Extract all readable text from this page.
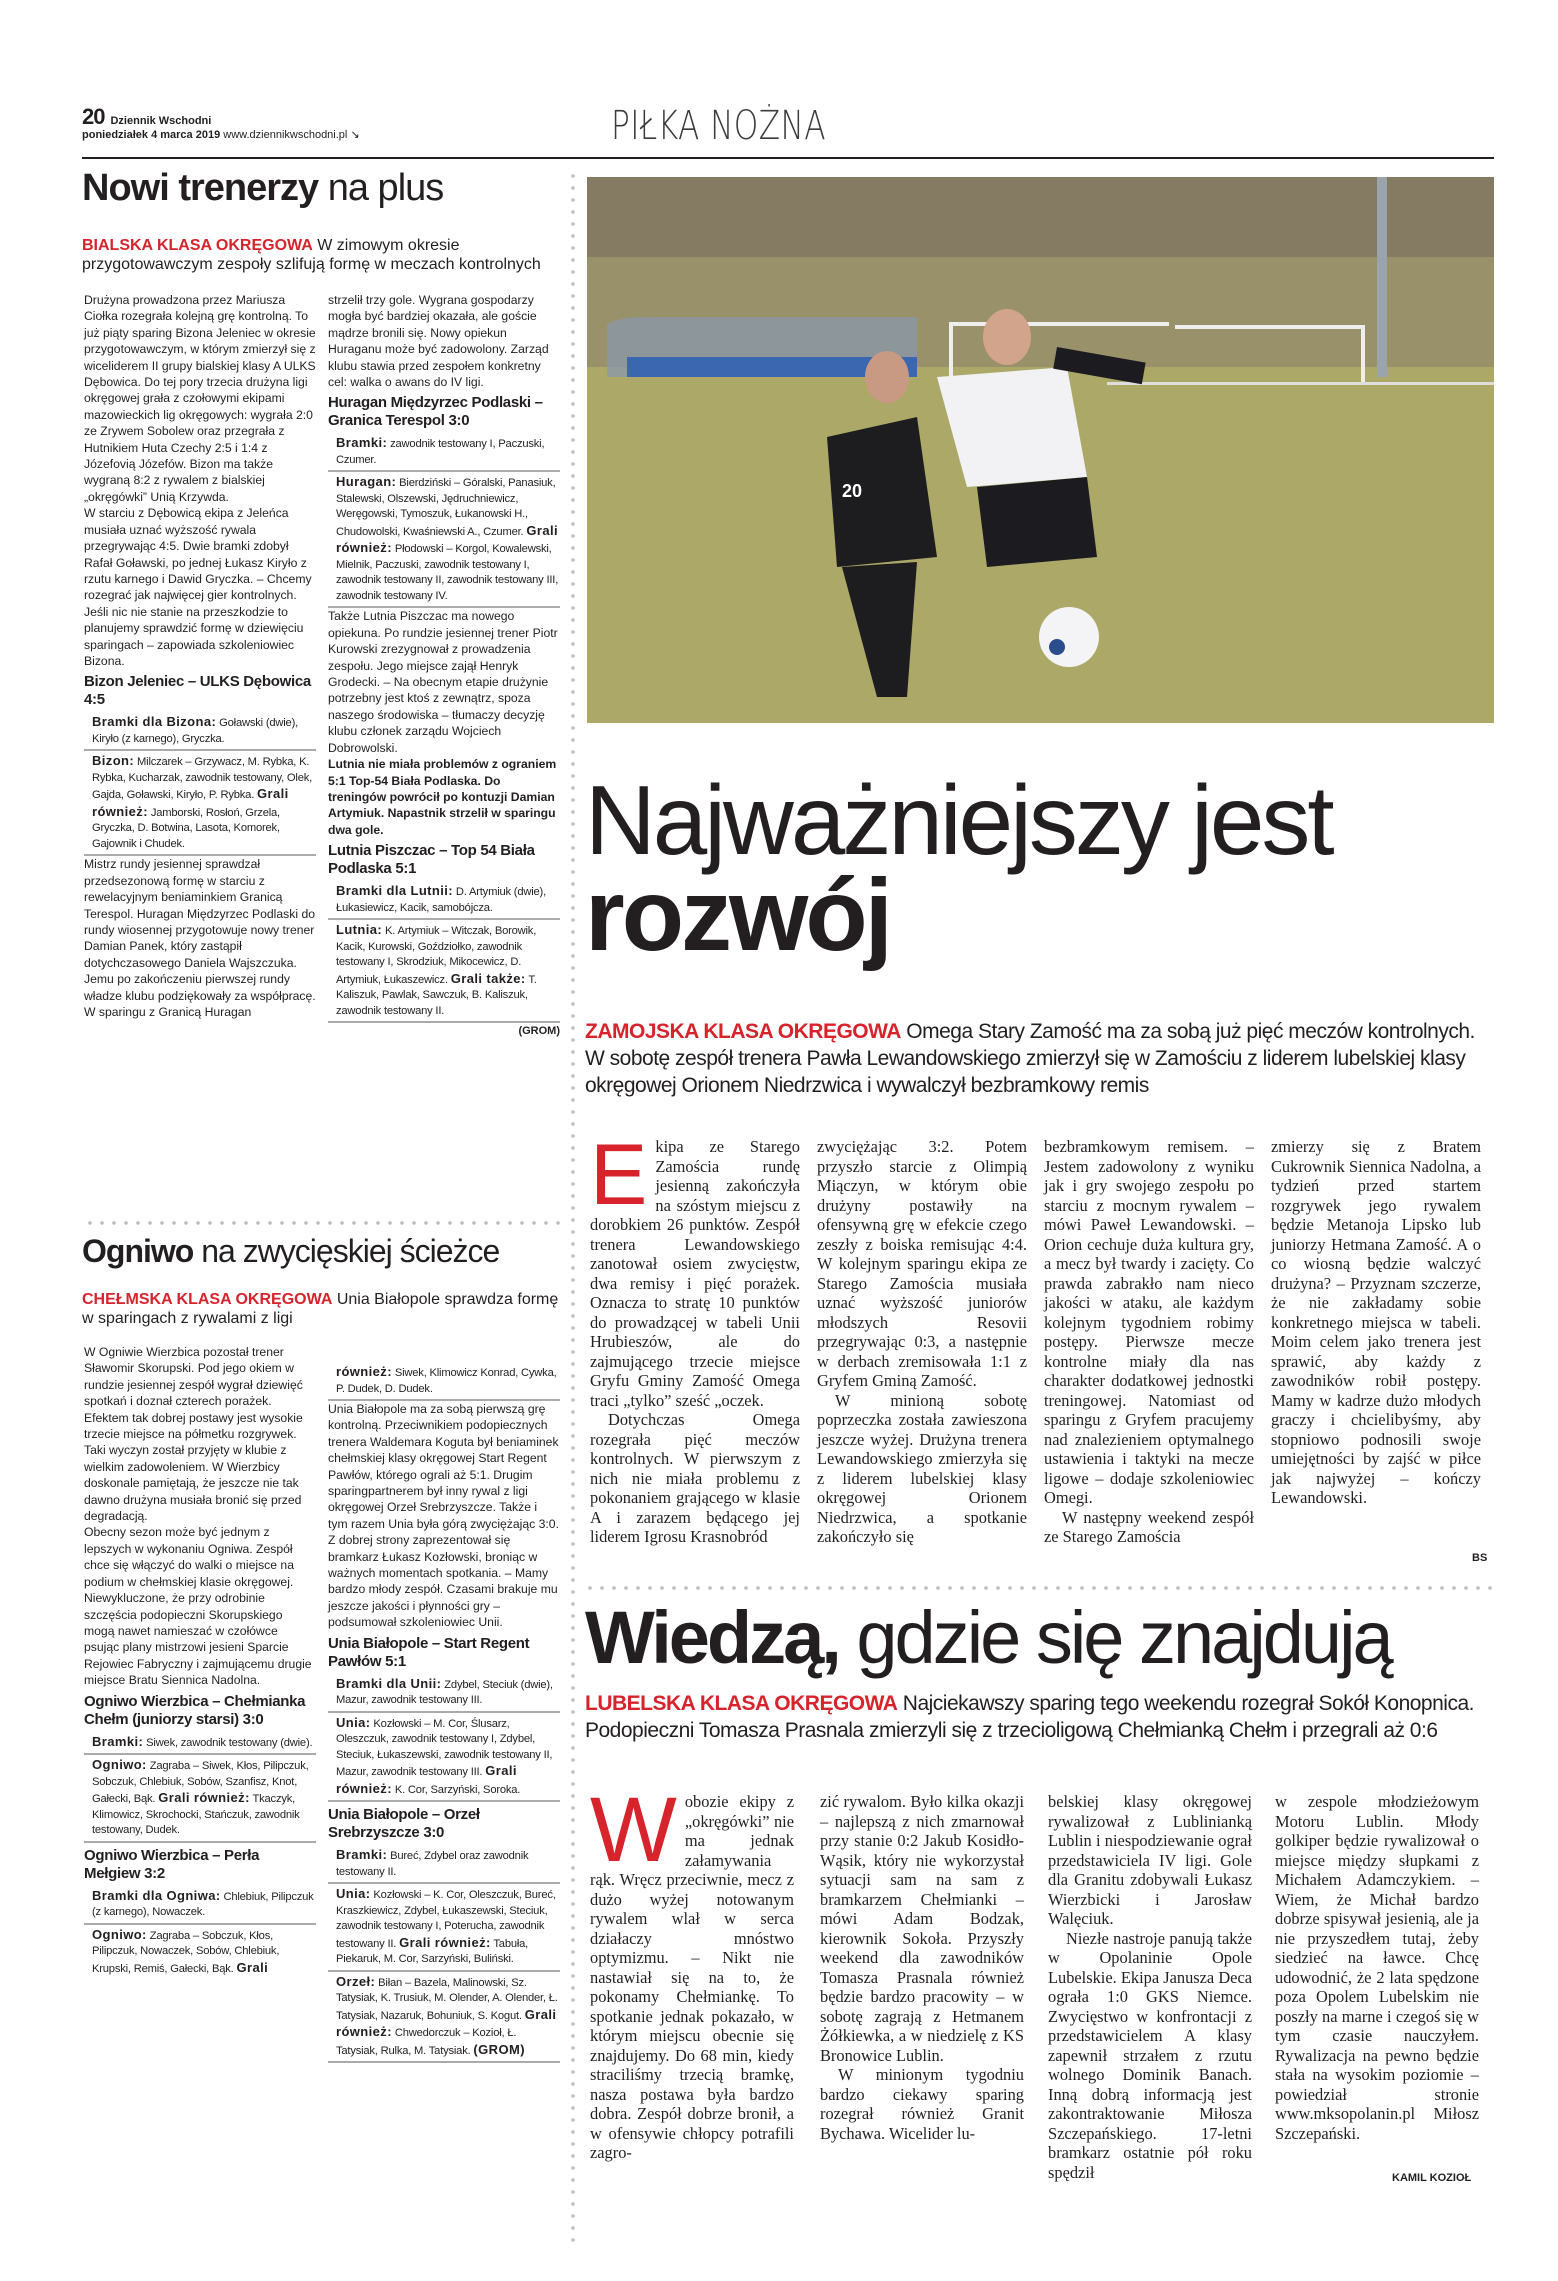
20 Dziennik Wschodni
poniedziałek 4 marca 2019 www.dziennikwschodni.pl ↘	PIŁKA NOŻNA
Nowi trenerzy na plus
BIALSKA KLASA OKRĘGOWA W zimowym okresie przygotowawczym zespoły szlifują formę w meczach kontrolnych

Drużyna prowadzona przez Mariusza Ciołka rozegrała kolejną grę kontrolną. To już piąty sparing Bizona Jeleniec w okresie przygotowawczym, w którym zmierzył się z wiceliderem II grupy bialskiej klasy A ULKS Dębowica. Do tej pory trzecia drużyna ligi okręgowej grała z czołowymi ekipami mazowieckich lig okręgowych: wygrała 2:0 ze Zrywem Sobolew oraz przegrała z Hutnikiem Huta Czechy 2:5 i 1:4 z Józefovią Józefów. Bizon ma także wygraną 8:2 z rywalem z bialskiej „okręgówki” Unią Krzywda.

W starciu z Dębowicą ekipa z Jeleńca musiała uznać wyższość rywala przegrywając 4:5. Dwie bramki zdobył Rafał Goławski, po jednej Łukasz Kiryło z rzutu karnego i Dawid Gryczka. – Chcemy rozegrać jak najwięcej gier kontrolnych. Jeśli nic nie stanie na przeszkodzie to planujemy sprawdzić formę w dziewięciu sparingach – zapowiada szkoleniowiec Bizona.

Bizon Jeleniec – ULKS Dębowica 4:5
Bramki dla Bizona: Goławski (dwie), Kiryło (z karnego), Gryczka.
Bizon: Milczarek – Grzywacz, M. Rybka, K. Rybka, Kucharzak, zawodnik testowany, Olek, Gajda, Goławski, Kiryło, P. Rybka. Grali również: Jamborski, Rosłoń, Grzela, Gryczka, D. Botwina, Lasota, Komorek, Gajownik i Chudek.

Mistrz rundy jesiennej sprawdzał przedsezonową formę w starciu z rewelacyjnym beniaminkiem Granicą Terespol. Huragan Międzyrzec Podlaski do rundy wiosennej przygotowuje nowy trener Damian Panek, który zastąpił dotychczasowego Daniela Wajszczuka. Jemu po zakończeniu pierwszej rundy władze klubu podziękowały za współpracę. W sparingu z Granicą Huragan

strzelił trzy gole. Wygrana gospodarzy mogła być bardziej okazała, ale goście mądrze bronili się. Nowy opiekun Huraganu może być zadowolony. Zarząd klubu stawia przed zespołem konkretny cel: walka o awans do IV ligi.

Huragan Międzyrzec Podlaski – Granica Terespol 3:0
Bramki: zawodnik testowany I, Paczuski, Czumer.
Huragan: Bierdziński – Góralski, Panasiuk, Stalewski, Olszewski, Jędruchniewicz, Weręgowski, Tymoszuk, Łukanowski H., Chudowolski, Kwaśniewski A., Czumer. Grali również: Płodowski – Korgol, Kowalewski, Mielnik, Paczuski, zawodnik testowany I, zawodnik testowany II, zawodnik testowany III, zawodnik testowany IV.

Także Lutnia Piszczac ma nowego opiekuna. Po rundzie jesiennej trener Piotr Kurowski zrezygnował z prowadzenia zespołu. Jego miejsce zajął Henryk Grodecki. – Na obecnym etapie drużynie potrzebny jest ktoś z zewnątrz, spoza naszego środowiska – tłumaczy decyzję klubu członek zarządu Wojciech Dobrowolski.

Lutnia nie miała problemów z ograniem 5:1 Top-54 Biała Podlaska. Do treningów powrócił po kontuzji Damian Artymiuk. Napastnik strzelił w sparingu dwa gole.

Lutnia Piszczac – Top 54 Biała Podlaska 5:1
Bramki dla Lutnii: D. Artymiuk (dwie), Łukasiewicz, Kacik, samobójcza.
Lutnia: K. Artymiuk – Witczak, Borowik, Kacik, Kurowski, Goździołko, zawodnik testowany I, Skrodziuk, Mikocewicz, D. Artymiuk, Łukaszewicz. Grali także: T. Kaliszuk, Pawlak, Sawczuk, B. Kaliszuk, zawodnik testowany II.
(GROM)
Ogniwo na zwycięskiej ścieżce
CHEŁMSKA KLASA OKRĘGOWA Unia Białopole sprawdza formę w sparingach z rywalami z ligi

W Ogniwie Wierzbica pozostał trener Sławomir Skorupski. Pod jego okiem w rundzie jesiennej zespół wygrał dziewięć spotkań i doznał czterech porażek. Efektem tak dobrej postawy jest wysokie trzecie miejsce na półmetku rozgrywek. Taki wyczyn został przyjęty w klubie z wielkim zadowoleniem. W Wierzbicy doskonale pamiętają, że jeszcze nie tak dawno drużyna musiała bronić się przed degradacją.

Obecny sezon może być jednym z lepszych w wykonaniu Ogniwa. Zespół chce się włączyć do walki o miejsce na podium w chełmskiej klasie okręgowej. Niewykluczone, że przy odrobinie szczęścia podopieczni Skorupskiego mogą nawet namieszać w czołówce psując plany mistrzowi jesieni Sparcie Rejowiec Fabryczny i zajmującemu drugie miejsce Bratu Siennica Nadolna.

Ogniwo Wierzbica – Chełmianka Chełm (juniorzy starsi) 3:0
Bramki: Siwek, zawodnik testowany (dwie).
Ogniwo: Zagraba – Siwek, Kłos, Pilipczuk, Sobczuk, Chlebiuk, Sobów, Szanfisz, Knot, Gałecki, Bąk. Grali również: Tkaczyk, Klimowicz, Skrochocki, Stańczuk, zawodnik testowany, Dudek.
Ogniwo Wierzbica – Perła Mełgiew 3:2
Bramki dla Ogniwa: Chlebiuk, Pilipczuk (z karnego), Nowaczek.
Ogniwo: Zagraba – Sobczuk, Kłos, Pilipczuk, Nowaczek, Sobów, Chlebiuk, Krupski, Remiś, Gałecki, Bąk. Grali
również: Siwek, Klimowicz Konrad, Cywka, P. Dudek, D. Dudek.

Unia Białopole ma za sobą pierwszą grę kontrolną. Przeciwnikiem podopiecznych trenera Waldemara Koguta był beniaminek chełmskiej klasy okręgowej Start Regent Pawłów, którego ograli aż 5:1. Drugim sparingpartnerem był inny rywal z ligi okręgowej Orzeł Srebrzyszcze. Także i tym razem Unia była górą zwyciężając 3:0. Z dobrej strony zaprezentował się bramkarz Łukasz Kozłowski, broniąc w ważnych momentach spotkania. – Mamy bardzo młody zespół. Czasami brakuje mu jeszcze jakości i płynności gry – podsumował szkoleniowiec Unii.

Unia Białopole – Start Regent Pawłów 5:1
Bramki dla Unii: Zdybel, Steciuk (dwie), Mazur, zawodnik testowany III.
Unia: Kozłowski – M. Cor, Ślusarz, Oleszczuk, zawodnik testowany I, Zdybel, Steciuk, Łukaszewski, zawodnik testowany II, Mazur, zawodnik testowany III. Grali również: K. Cor, Sarzyński, Soroka.
Unia Białopole – Orzeł Srebrzyszcze 3:0
Bramki: Bureć, Zdybel oraz zawodnik testowany II.
Unia: Kozłowski – K. Cor, Oleszczuk, Bureć, Kraszkiewicz, Zdybel, Łukaszewski, Steciuk, zawodnik testowany I, Poterucha, zawodnik testowany II. Grali również: Tabuła, Piekaruk, M. Cor, Sarzyński, Buliński.
Orzeł: Biłan – Bazela, Malinowski, Sz. Tatysiak, K. Trusiuk, M. Olender, A. Olender, Ł. Tatysiak, Nazaruk, Bohuniuk, S. Kogut. Grali również: Chwedorczuk – Kozioł, Ł. Tatysiak, Rulka, M. Tatysiak. (GROM)
20
Najważniejszy jest
rozwój
ZAMOJSKA KLASA OKRĘGOWA Omega Stary Zamość ma za sobą już pięć meczów kontrolnych. W sobotę zespół trenera Pawła Lewandowskiego zmierzył się w Zamościu z liderem lubelskiej klasy okręgowej Orionem Niedrzwica i wywalczył bezbramkowy remis

Ekipa ze Starego Zamościa rundę jesienną zakończyła na szóstym miejscu z dorobkiem 26 punktów. Zespół trenera Lewandowskiego zanotował osiem zwycięstw, dwa remisy i pięć porażek. Oznacza to stratę 10 punktów do prowadzącej w tabeli Unii Hrubieszów, ale do zajmującego trzecie miejsce Gryfu Gminy Zamość Omega traci „tylko” sześć „oczek.

Dotychczas Omega rozegrała pięć meczów kontrolnych. W pierwszym z nich nie miała problemu z pokonaniem grającego w klasie A i zarazem będącego jej liderem Igrosu Krasnobród

zwyciężając 3:2. Potem przyszło starcie z Olimpią Miączyn, w którym obie drużyny postawiły na ofensywną grę w efekcie czego zeszły z boiska remisując 4:4. W kolejnym sparingu ekipa ze Starego Zamościa musiała uznać wyższość juniorów młodszych Resovii przegrywając 0:3, a następnie w derbach zremisowała 1:1 z Gryfem Gminą Zamość.

W minioną sobotę poprzeczka została zawieszona jeszcze wyżej. Drużyna trenera Lewandowskiego zmierzyła się z liderem lubelskiej klasy okręgowej Orionem Niedrzwica, a spotkanie zakończyło się

bezbramkowym remisem. – Jestem zadowolony z wyniku jak i gry swojego zespołu po starciu z mocnym rywalem – mówi Paweł Lewandowski. – Orion cechuje duża kultura gry, a mecz był twardy i zacięty. Co prawda zabrakło nam nieco jakości w ataku, ale każdym kolejnym tygodniem robimy postępy. Pierwsze mecze kontrolne miały dla nas charakter dodatkowej jednostki treningowej. Natomiast od sparingu z Gryfem pracujemy nad znalezieniem optymalnego ustawienia i taktyki na mecze ligowe – dodaje szkoleniowiec Omegi.

W następny weekend zespół ze Starego Zamościa

zmierzy się z Bratem Cukrownik Siennica Nadolna, a tydzień przed startem rozgrywek jego rywalem będzie Metanoja Lipsko lub juniorzy Hetmana Zamość. A o co wiosną będzie walczyć drużyna? – Przyznam szczerze, że nie zakładamy sobie konkretnego miejsca w tabeli. Moim celem jako trenera jest sprawić, aby każdy z zawodników robił postępy. Mamy w kadrze dużo młodych graczy i chcielibyśmy, aby stopniowo podnosili swoje umiejętności by zajść w piłce jak najwyżej – kończy Lewandowski.

BS
Wiedzą, gdzie się znajdują
LUBELSKA KLASA OKRĘGOWA Najciekawszy sparing tego weekendu rozegrał Sokół Konopnica. Podopieczni Tomasza Prasnala zmierzyli się z trzecioligową Chełmianką Chełm i przegrali aż 0:6

Wobozie ekipy z „okręgówki” nie ma jednak załamywania rąk. Wręcz przeciwnie, mecz z dużo wyżej notowanym rywalem wlał w serca działaczy mnóstwo optymizmu. – Nikt nie nastawiał się na to, że pokonamy Chełmiankę. To spotkanie jednak pokazało, w którym miejscu obecnie się znajdujemy. Do 68 min, kiedy straciliśmy trzecią bramkę, nasza postawa była bardzo dobra. Zespół dobrze bronił, a w ofensywie chłopcy potrafili zagro-

zić rywalom. Było kilka okazji – najlepszą z nich zmarnował przy stanie 0:2 Jakub Kosidło-Wąsik, który nie wykorzystał sytuacji sam na sam z bramkarzem Chełmianki – mówi Adam Bodzak, kierownik Sokoła. Przyszły weekend dla zawodników Tomasza Prasnala również będzie bardzo pracowity – w sobotę zagrają z Hetmanem Żółkiewka, a w niedzielę z KS Bronowice Lublin.

W minionym tygodniu bardzo ciekawy sparing rozegrał również Granit Bychawa. Wicelider lu-

belskiej klasy okręgowej rywalizował z Lublinianką Lublin i niespodziewanie ograł przedstawiciela IV ligi. Gole dla Granitu zdobywali Łukasz Wierzbicki i Jarosław Walęciuk.

Niezłe nastroje panują także w Opolaninie Opole Lubelskie. Ekipa Janusza Deca ograła 1:0 GKS Niemce. Zwycięstwo w konfrontacji z przedstawicielem A klasy zapewnił strzałem z rzutu wolnego Dominik Banach. Inną dobrą informacją jest zakontraktowanie Miłosza Szczepańskiego. 17-letni bramkarz ostatnie pół roku spędził

w zespole młodzieżowym Motoru Lublin. Młody golkiper będzie rywalizował o miejsce między słupkami z Michałem Adamczykiem. – Wiem, że Michał bardzo dobrze spisywał jesienią, ale ja nie przyszedłem tutaj, żeby siedzieć na ławce. Chcę udowodnić, że 2 lata spędzone poza Opolem Lubelskim nie poszły na marne i czegoś się w tym czasie nauczyłem. Rywalizacja na pewno będzie stała na wysokim poziomie – powiedział stronie www.mksopolanin.pl Miłosz Szczepański.

KAMIL KOZIOŁ
